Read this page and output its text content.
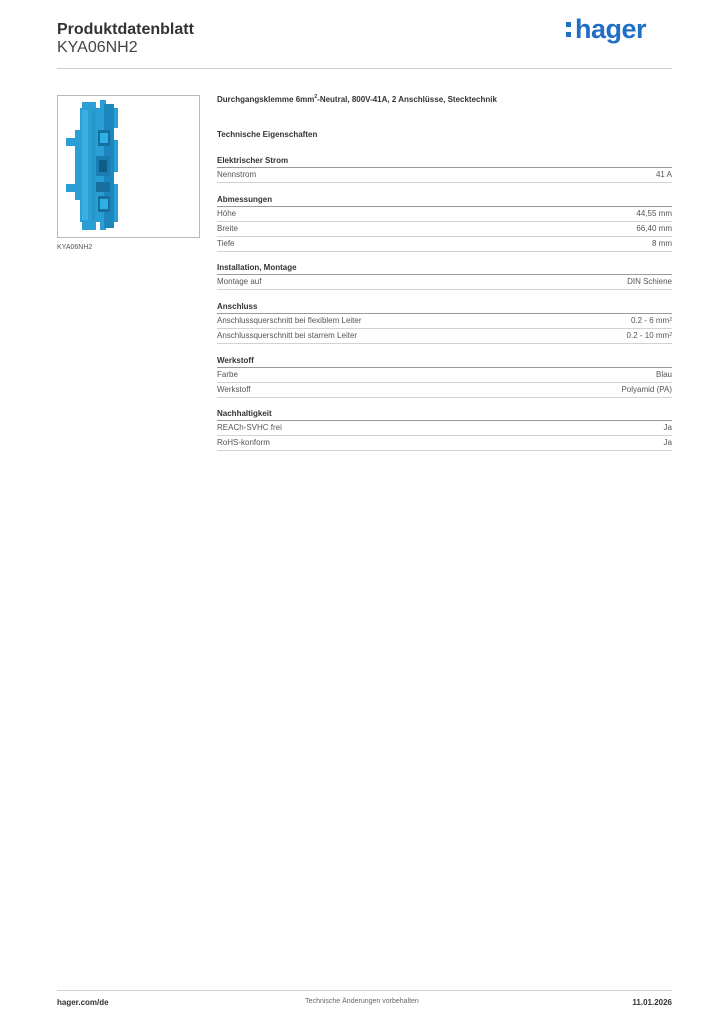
Produktdatenblatt
KYA06NH2
hager
KYA06NH2
Durchgangsklemme $6mm^2$-Neutral, 800V-41A, 2 Anschlüsse, Stecktechnik
Technische Eigenschaften
Elektrischer Strom
Nennstrom	41 A
Abmessungen
Höhe	44,55 mm
Breite	66,40 mm
Tiefe	8 mm
Installation, Montage
Montage auf	DIN Schiene
Anschluss
Anschlussquerschnitt bei flexiblem Leiter	0.2 - 6 $mm^2$
Anschlussquerschnitt bei starrem Leiter	0.2 - 10 $mm^2$
Werkstoff
Farbe	Blau
Werkstoff	Polyamid (PA)
Nachhaltigkeit
REACh-SVHC frei	Ja
RoHS-konform	Ja
hager.com/de	Technische Änderungen vorbehalten	11.01.2026
